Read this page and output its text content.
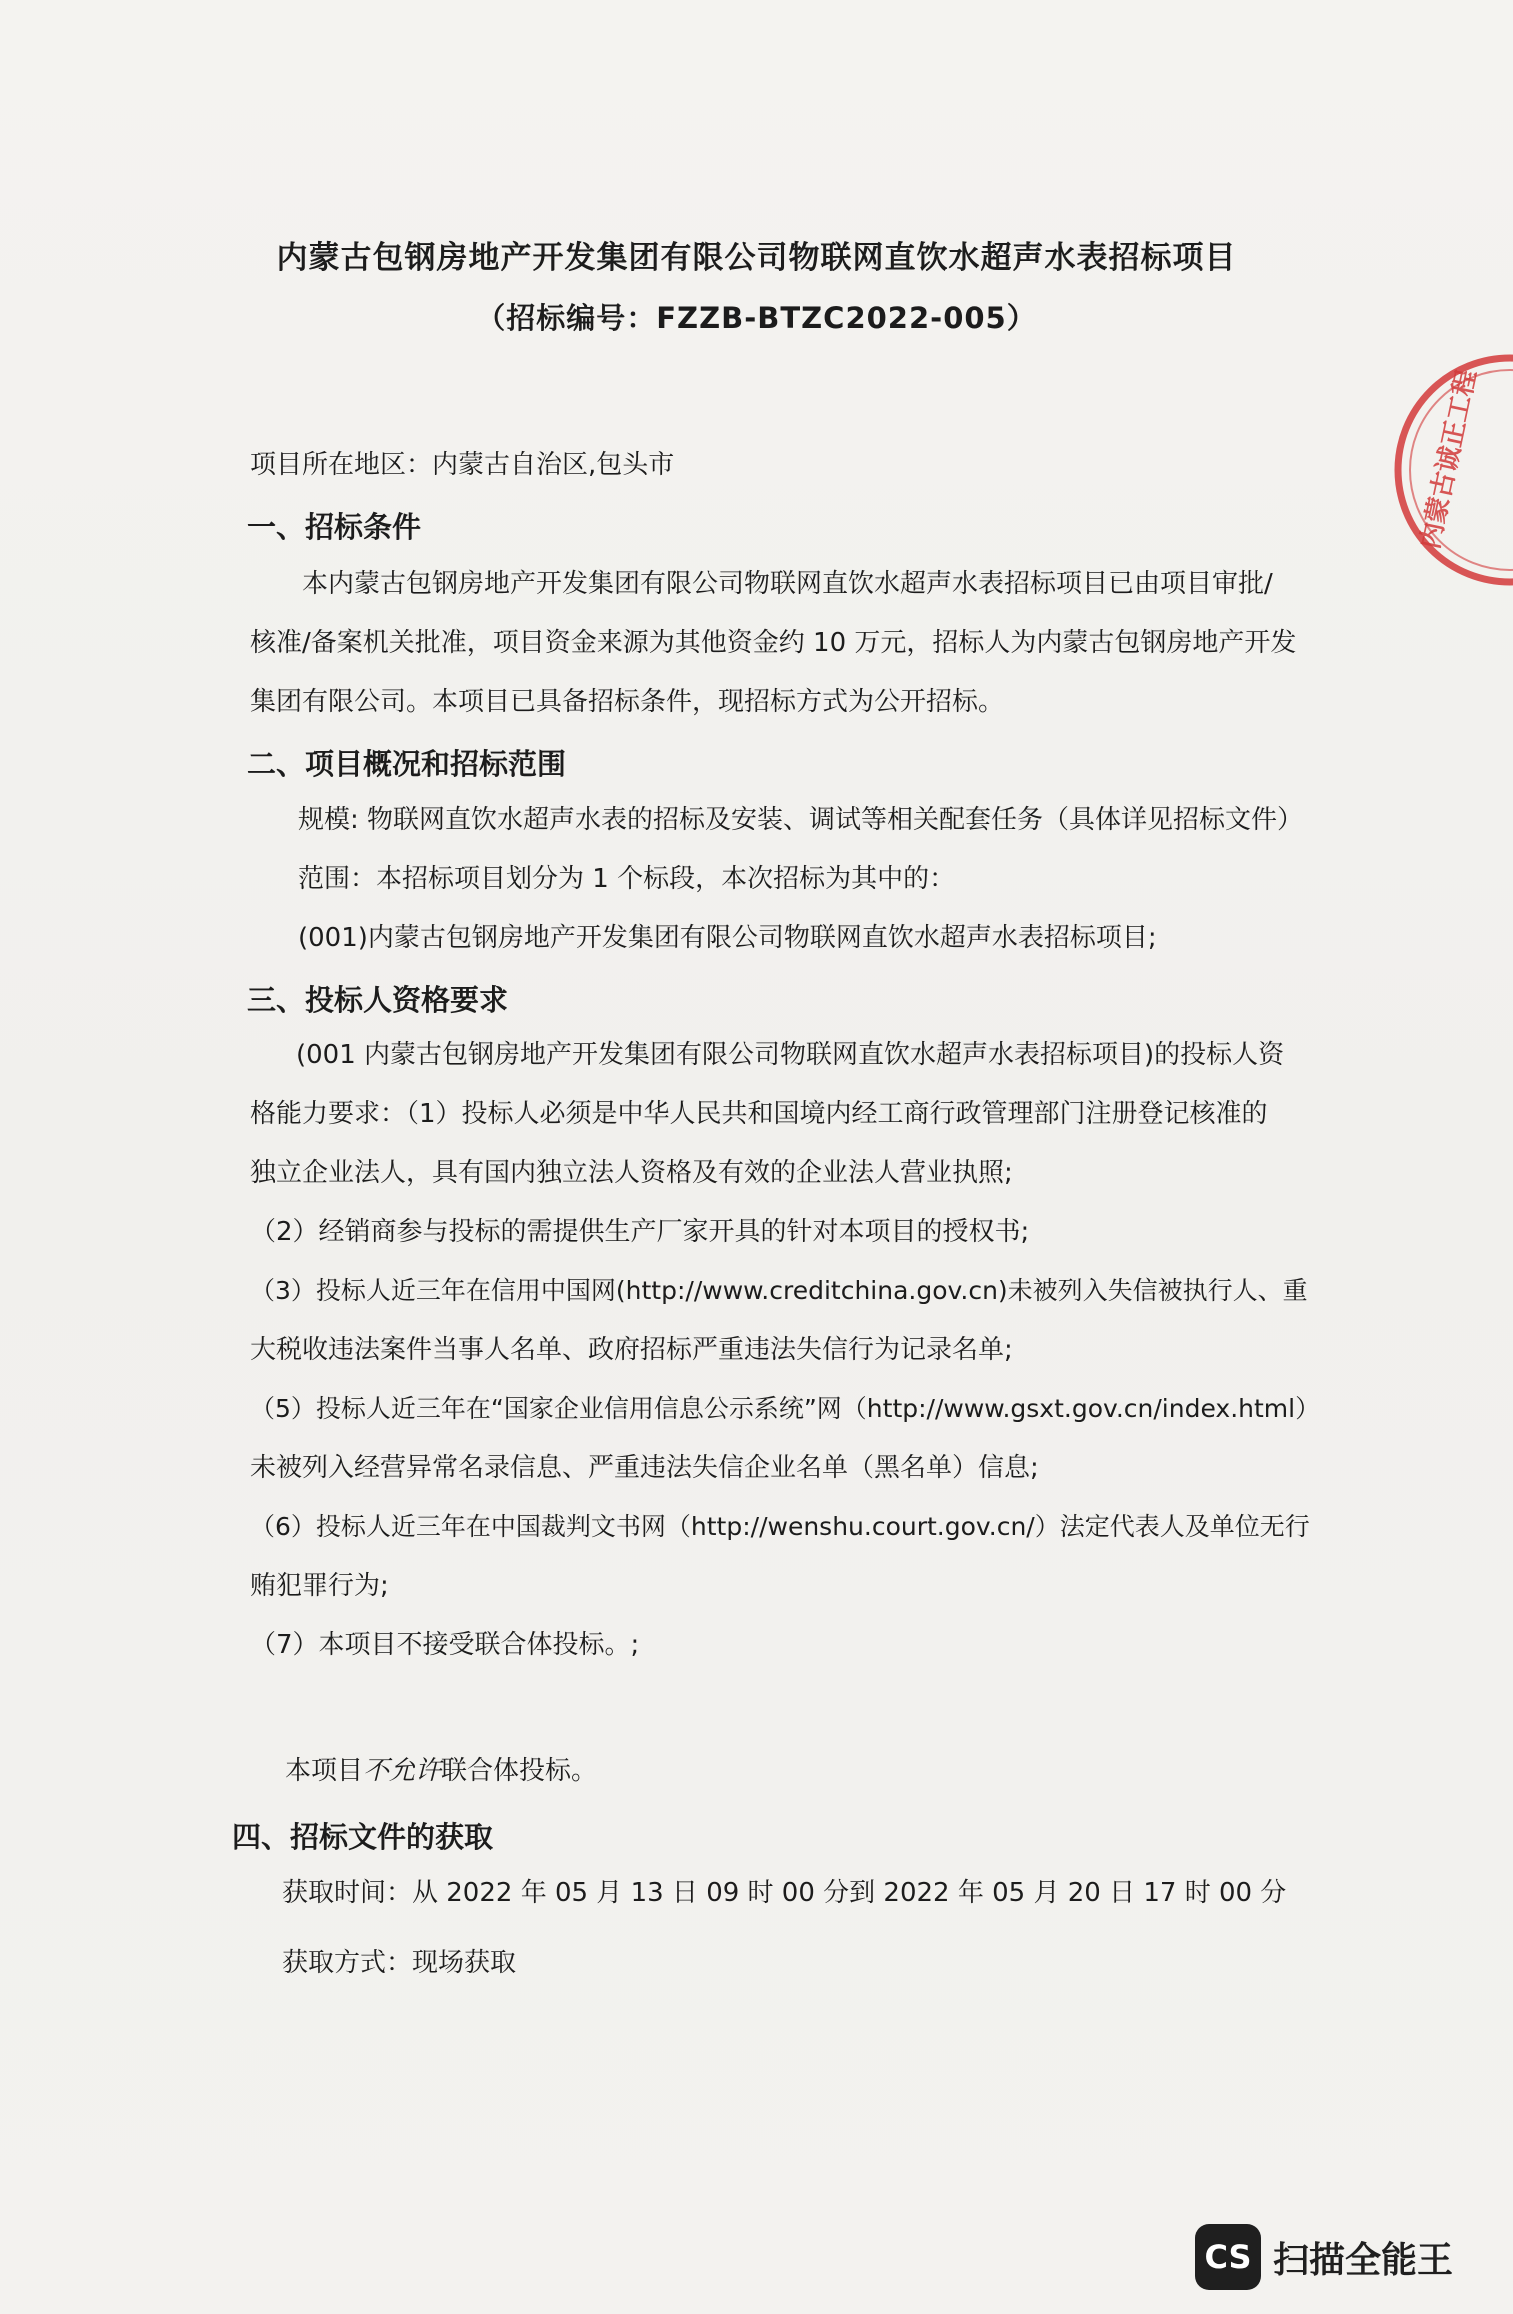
内蒙古包钢房地产开发集团有限公司物联网直饮水超声水表招标项目
（招标编号：FZZB-BTZC2022-005）
项目所在地区：内蒙古自治区,包头市
一、招标条件
本内蒙古包钢房地产开发集团有限公司物联网直饮水超声水表招标项目已由项目审批/
核准/备案机关批准，项目资金来源为其他资金约 10 万元，招标人为内蒙古包钢房地产开发
集团有限公司。本项目已具备招标条件，现招标方式为公开招标。
二、项目概况和招标范围
规模: 物联网直饮水超声水表的招标及安装、调试等相关配套任务（具体详见招标文件）
范围：本招标项目划分为 1 个标段，本次招标为其中的：
(001)内蒙古包钢房地产开发集团有限公司物联网直饮水超声水表招标项目;
三、投标人资格要求
(001 内蒙古包钢房地产开发集团有限公司物联网直饮水超声水表招标项目)的投标人资
格能力要求：（1）投标人必须是中华人民共和国境内经工商行政管理部门注册登记核准的
独立企业法人，具有国内独立法人资格及有效的企业法人营业执照;
（2）经销商参与投标的需提供生产厂家开具的针对本项目的授权书;
（3）投标人近三年在信用中国网(http://www.creditchina.gov.cn)未被列入失信被执行人、重
大税收违法案件当事人名单、政府招标严重违法失信行为记录名单;
（5）投标人近三年在“国家企业信用信息公示系统”网（http://www.gsxt.gov.cn/index.html）
未被列入经营异常名录信息、严重违法失信企业名单（黑名单）信息;
（6）投标人近三年在中国裁判文书网（http://wenshu.court.gov.cn/）法定代表人及单位无行
贿犯罪行为;
（7）本项目不接受联合体投标。;
本项目不允许联合体投标。
四、招标文件的获取
获取时间：从 2022 年 05 月 13 日 09 时 00 分到 2022 年 05 月 20 日 17 时 00 分
获取方式：现场获取
内蒙古诚正工程
CS 扫描全能王
